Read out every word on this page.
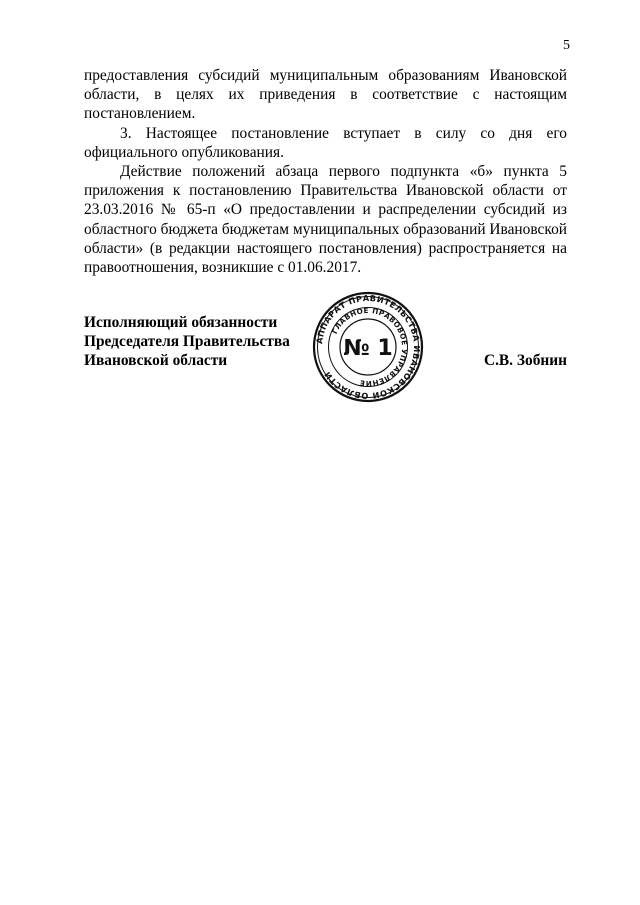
5

предоставления субсидий муниципальным образованиям Ивановской области, в целях их приведения в соответствие с настоящим постановлением.

3. Настоящее постановление вступает в силу со дня его официального опубликования.

Действие положений абзаца первого подпункта «б» пункта 5 приложения к постановлению Правительства Ивановской области от 23.03.2016 № 65-п «О предоставлении и распределении субсидий из областного бюджета бюджетам муниципальных образований Ивановской области» (в редакции настоящего постановления) распространяется на правоотношения, возникшие с 01.06.2017.

Исполняющий обязанности
Председателя Правительства
Ивановской области
АППАРАТ ПРАВИТЕЛЬСТВА ИВАНОВСКОЙ ОБЛАСТИ
ГЛАВНОЕ ПРАВОВОЕ УПРАВЛЕНИЕ
№ 1	С.В. Зобнин
